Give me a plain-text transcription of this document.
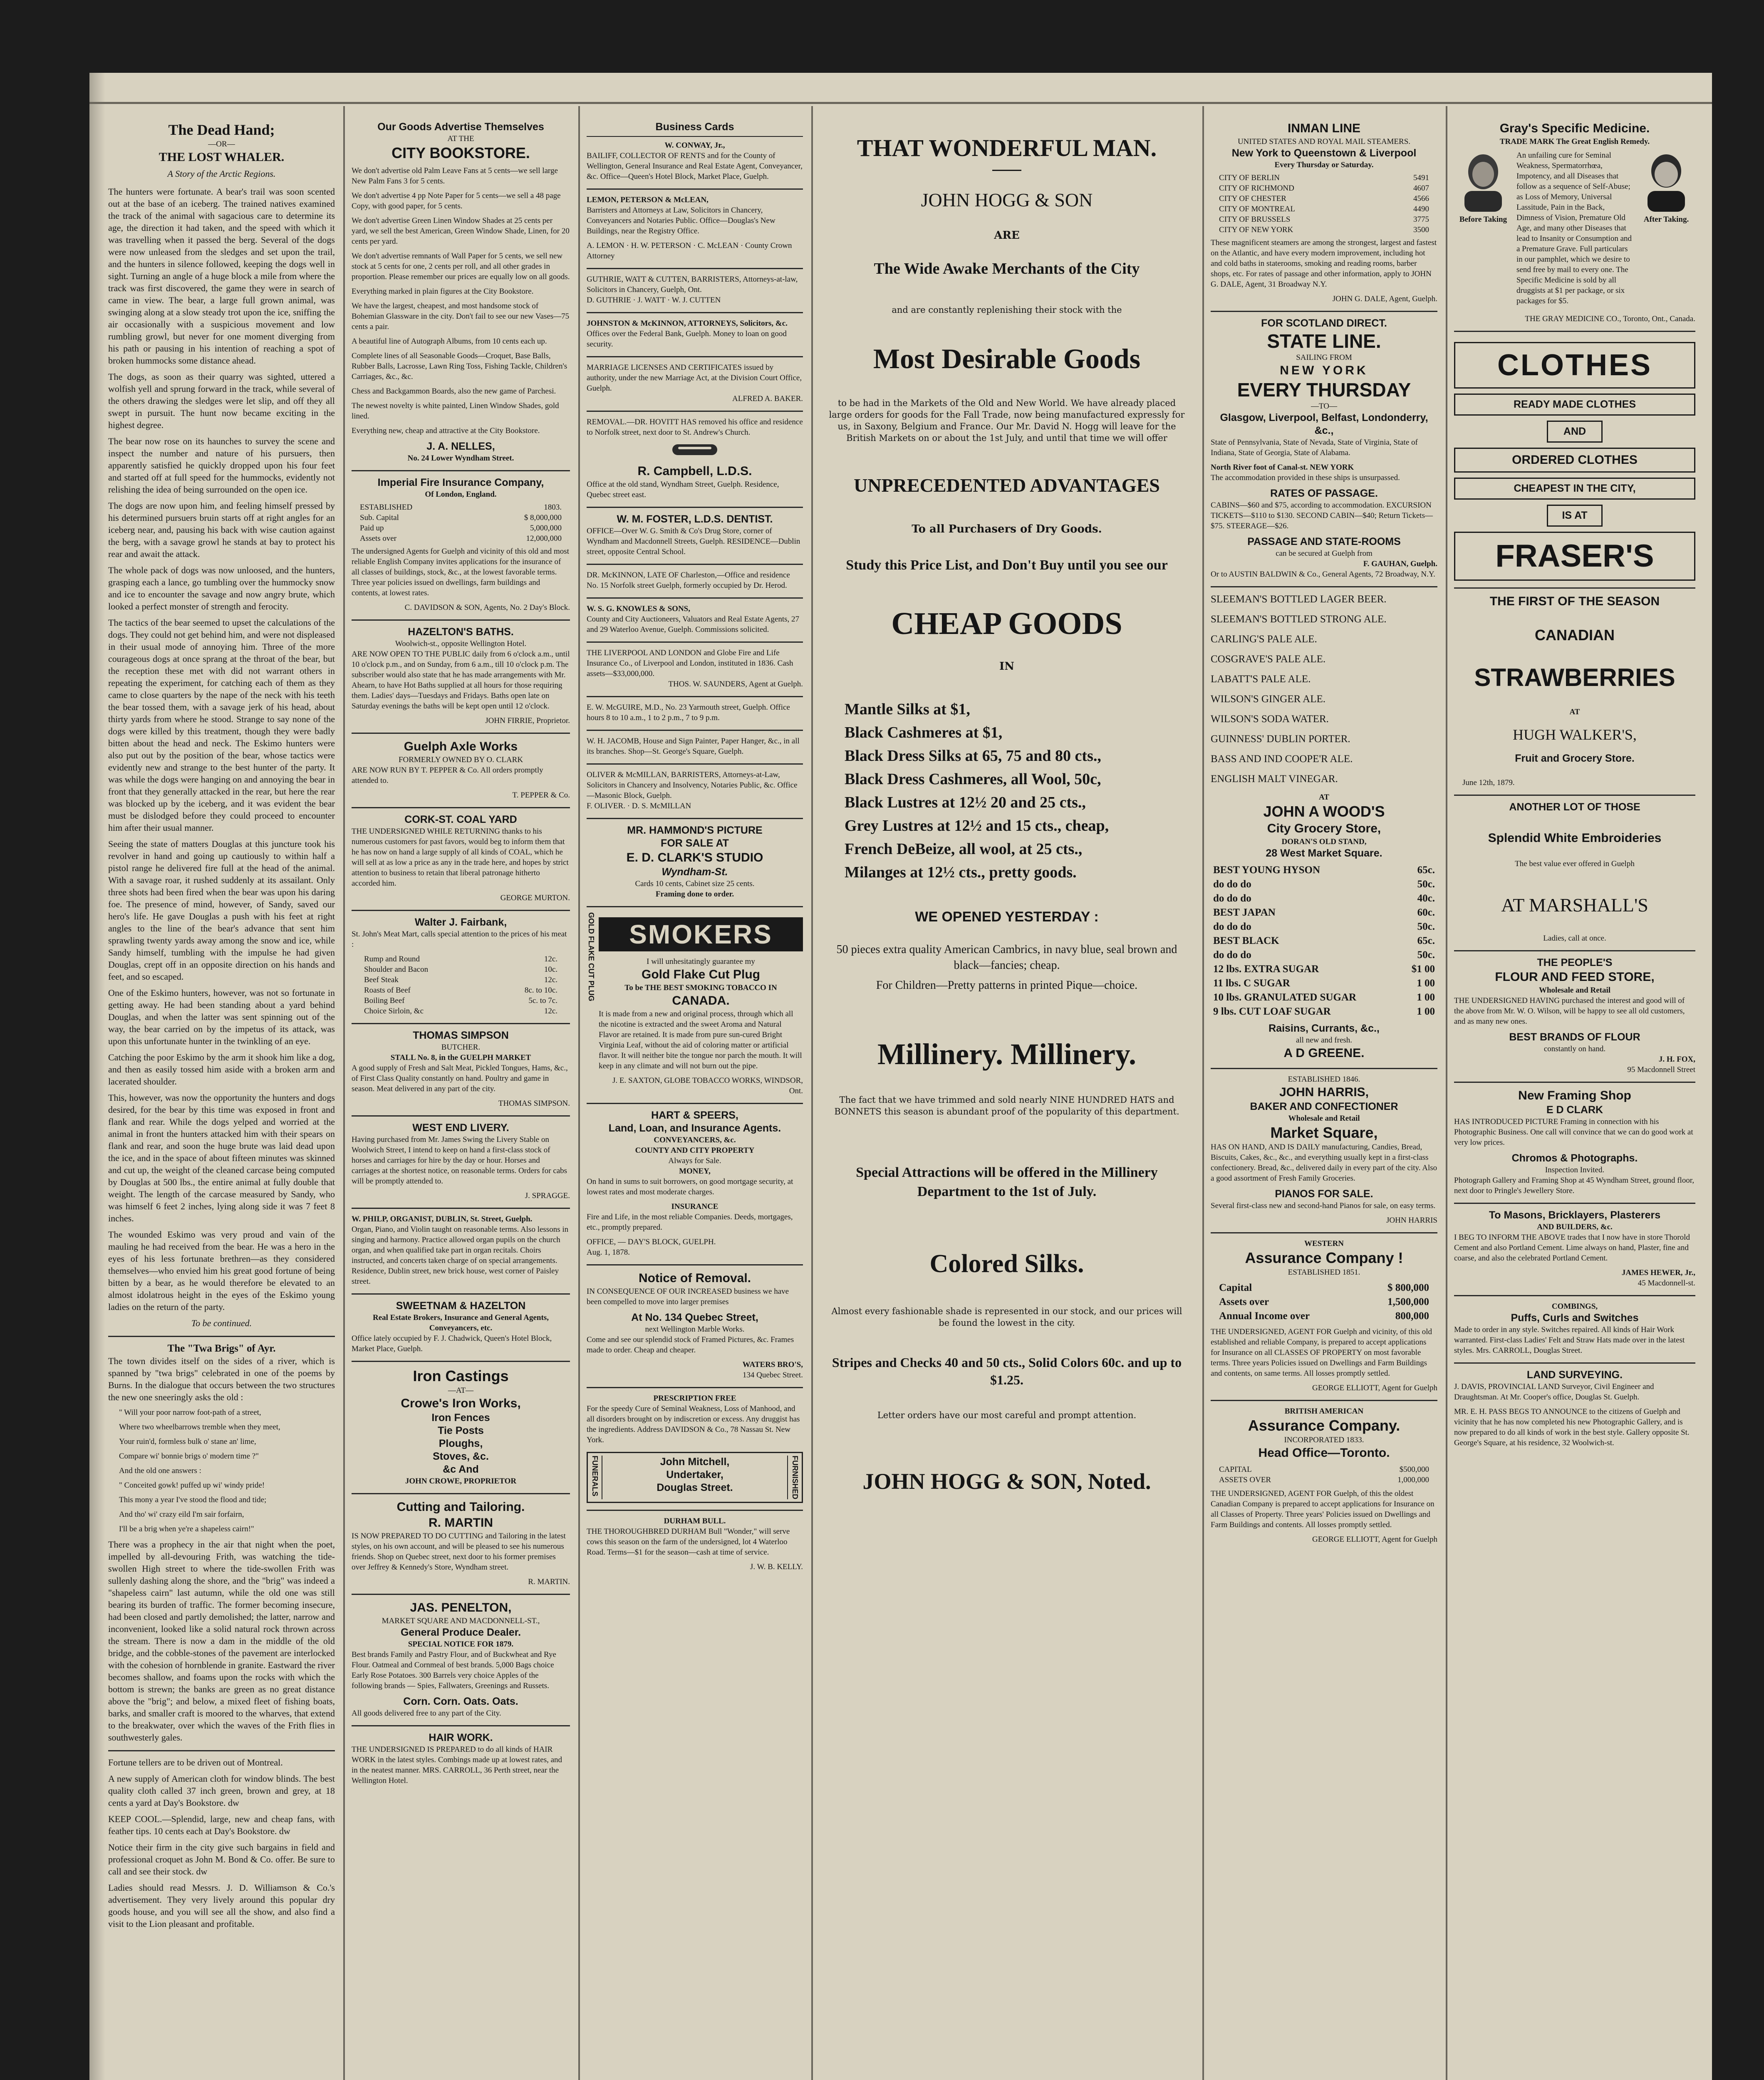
The Dead Hand;
—OR—
THE LOST WHALER.
A Story of the Arctic Regions.

The hunters were fortunate. A bear's trail was soon scented out at the base of an iceberg. The trained natives examined the track of the animal with sagacious care to determine its age, the direction it had taken, and the speed with which it was travelling when it passed the berg. Several of the dogs were now unleased from the sledges and set upon the trail, and the hunters in silence followed, keeping the dogs well in sight. Turning an angle of a huge block a mile from where the track was first discovered, the game they were in search of came in view. The bear, a large full grown animal, was swinging along at a slow steady trot upon the ice, sniffing the air occasionally with a suspicious movement and low rumbling growl, but never for one moment diverging from his path or pausing in his intention of reaching a spot of broken hummocks some distance ahead.

The dogs, as soon as their quarry was sighted, uttered a wolfish yell and sprung forward in the track, while several of the others drawing the sledges were let slip, and off they all swept in pursuit. The hunt now became exciting in the highest degree.

The bear now rose on its haunches to survey the scene and inspect the number and nature of his pursuers, then apparently satisfied he quickly dropped upon his four feet and started off at full speed for the hummocks, evidently not relishing the idea of being surrounded on the open ice.

The dogs are now upon him, and feeling himself pressed by his determined pursuers bruin starts off at right angles for an iceberg near, and, pausing his back with wise caution against the berg, with a savage growl he stands at bay to protect his rear and await the attack.

The whole pack of dogs was now unloosed, and the hunters, grasping each a lance, go tumbling over the hummocky snow and ice to encounter the savage and now angry brute, which looked a perfect monster of strength and ferocity.

The tactics of the bear seemed to upset the calculations of the dogs. They could not get behind him, and were not displeased in their usual mode of annoying him. Three of the more courageous dogs at once sprang at the throat of the bear, but the reception these met with did not warrant others in repeating the experiment, for catching each of them as they came to close quarters by the nape of the neck with his teeth the bear tossed them, with a savage jerk of his head, about thirty yards from where he stood. Strange to say none of the dogs were killed by this treatment, though they were badly bitten about the head and neck. The Eskimo hunters were also put out by the position of the bear, whose tactics were evidently new and strange to the best hunter of the party. It was while the dogs were hanging on and annoying the bear in front that they generally attacked in the rear, but here the rear was blocked up by the iceberg, and it was evident the bear must be dislodged before they could proceed to encounter him after their usual manner.

Seeing the state of matters Douglas at this juncture took his revolver in hand and going up cautiously to within half a pistol range he delivered fire full at the head of the animal. With a savage roar, it rushed suddenly at its assailant. Only three shots had been fired when the bear was upon his daring foe. The presence of mind, however, of Sandy, saved our hero's life. He gave Douglas a push with his feet at right angles to the line of the bear's advance that sent him sprawling twenty yards away among the snow and ice, while Sandy himself, tumbling with the impulse he had given Douglas, crept off in an opposite direction on his hands and feet, and so escaped.

One of the Eskimo hunters, however, was not so fortunate in getting away. He had been standing about a yard behind Douglas, and when the latter was sent spinning out of the way, the bear carried on by the impetus of its attack, was upon this unfortunate hunter in the twinkling of an eye.

Catching the poor Eskimo by the arm it shook him like a dog, and then as easily tossed him aside with a broken arm and lacerated shoulder.

This, however, was now the opportunity the hunters and dogs desired, for the bear by this time was exposed in front and flank and rear. While the dogs yelped and worried at the animal in front the hunters attacked him with their spears on flank and rear, and soon the huge brute was laid dead upon the ice, and in the space of about fifteen minutes was skinned and cut up, the weight of the cleaned carcase being computed by Douglas at 500 lbs., the entire animal at fully double that weight. The length of the carcase measured by Sandy, who was himself 6 feet 2 inches, lying along side it was 7 feet 8 inches.

The wounded Eskimo was very proud and vain of the mauling he had received from the bear. He was a hero in the eyes of his less fortunate brethren—as they considered themselves—who envied him his great good fortune of being bitten by a bear, as he would therefore be elevated to an almost idolatrous height in the eyes of the Eskimo young ladies on the return of the party.

To be continued.
The "Twa Brigs" of Ayr.

The town divides itself on the sides of a river, which is spanned by "twa brigs" celebrated in one of the poems by Burns. In the dialogue that occurs between the two structures the new one sneeringly asks the old :

" Will your poor narrow foot-path of a street,

Where two wheelbarrows tremble when they meet,

Your ruin'd, formless bulk o' stane an' lime,

Compare wi' bonnie brigs o' modern time ?"

And the old one answers :

" Conceited gowk! puffed up wi' windy pride!

This mony a year I've stood the flood and tide;

And tho' wi' crazy eild I'm sair forfairn,

I'll be a brig when ye're a shapeless cairn!"

There was a prophecy in the air that night when the poet, impelled by all-devouring Frith, was watching the tide-swollen High street to where the tide-swollen Frith was sullenly dashing along the shore, and the "brig" was indeed a "shapeless cairn" last autumn, while the old one was still bearing its burden of traffic. The former becoming insecure, had been closed and partly demolished; the latter, narrow and inconvenient, looked like a solid natural rock thrown across the stream. There is now a dam in the middle of the old bridge, and the cobble-stones of the pavement are interlocked with the cohesion of hornblende in granite. Eastward the river becomes shallow, and foams upon the rocks with which the bottom is strewn; the banks are green as no great distance above the "brig"; and below, a mixed fleet of fishing boats, barks, and smaller craft is moored to the wharves, that extend to the breakwater, over which the waves of the Frith flies in southwesterly gales.

Fortune tellers are to be driven out of Montreal.

A new supply of American cloth for window blinds. The best quality cloth called 37 inch green, brown and grey, at 18 cents a yard at Day's Bookstore. dw

KEEP COOL.—Splendid, large, new and cheap fans, with feather tips. 10 cents each at Day's Bookstore. dw

Notice their firm in the city give such bargains in field and professional croquet as John M. Bond & Co. offer. Be sure to call and see their stock. dw

Ladies should read Messrs. J. D. Williamson & Co.'s advertisement. They very lively around this popular dry goods house, and you will see all the show, and also find a visit to the Lion pleasant and profitable.

Our Goods Advertise Themselves
AT THE
CITY BOOKSTORE.

We don't advertise old Palm Leave Fans at 5 cents—we sell large New Palm Fans 3 for 5 cents.

We don't advertise 4 pp Note Paper for 5 cents—we sell a 48 page Copy, with good paper, for 5 cents.

We don't advertise Green Linen Window Shades at 25 cents per yard, we sell the best American, Green Window Shade, Linen, for 20 cents per yard.

We don't advertise remnants of Wall Paper for 5 cents, we sell new stock at 5 cents for one, 2 cents per roll, and all other grades in proportion. Please remember our prices are equally low on all goods.

Everything marked in plain figures at the City Bookstore.

We have the largest, cheapest, and most handsome stock of Bohemian Glassware in the city. Don't fail to see our new Vases—75 cents a pair.

A beautiful line of Autograph Albums, from 10 cents each up.

Complete lines of all Seasonable Goods—Croquet, Base Balls, Rubber Balls, Lacrosse, Lawn Ring Toss, Fishing Tackle, Children's Carriages, &c., &c.

Chess and Backgammon Boards, also the new game of Parchesi.

The newest novelty is white painted, Linen Window Shades, gold lined.

Everything new, cheap and attractive at the City Bookstore.

J. A. NELLES,
No. 24 Lower Wyndham Street.
Imperial Fire Insurance Company,
Of London, England.
ESTABLISHED	1803.
Sub. Capital	$ 8,000,000
Paid up	5,000,000
Assets over	12,000,000

The undersigned Agents for Guelph and vicinity of this old and most reliable English Company invites applications for the insurance of all classes of buildings, stock, &c., at the lowest favorable terms. Three year policies issued on dwellings, farm buildings and contents, at lowest rates.

C. DAVIDSON & SON, Agents, No. 2 Day's Block.
HAZELTON'S BATHS.
Woolwich-st., opposite Wellington Hotel.

ARE NOW OPEN TO THE PUBLIC daily from 6 o'clock a.m., until 10 o'clock p.m., and on Sunday, from 6 a.m., till 10 o'clock p.m. The subscriber would also state that he has made arrangements with Mr. Ahearn, to have Hot Baths supplied at all hours for those requiring them. Ladies' days—Tuesdays and Fridays. Baths open late on Saturday evenings the baths will be kept open until 12 o'clock.

JOHN FIRRIE, Proprietor.
Guelph Axle Works
FORMERLY OWNED BY O. CLARK

ARE NOW RUN BY T. PEPPER & Co. All orders promptly attended to.

T. PEPPER & Co.
CORK-ST. COAL YARD

THE UNDERSIGNED WHILE RETURNING thanks to his numerous customers for past favors, would beg to inform them that he has now on hand a large supply of all kinds of COAL, which he will sell at as low a price as any in the trade here, and hopes by strict attention to business to retain that liberal patronage hitherto accorded him.

GEORGE MURTON.
Walter J. Fairbank,

St. John's Meat Mart, calls special attention to the prices of his meat :

Rump and Round	12c.
Shoulder and Bacon	10c.
Beef Steak	12c.
Roasts of Beef	8c. to 10c.
Boiling Beef	5c. to 7c.
Choice Sirloin, &c	12c.
THOMAS SIMPSON
BUTCHER.
STALL No. 8, in the GUELPH MARKET

A good supply of Fresh and Salt Meat, Pickled Tongues, Hams, &c., of First Class Quality constantly on hand. Poultry and game in season. Meat delivered in any part of the city.

THOMAS SIMPSON.
WEST END LIVERY.

Having purchased from Mr. James Swing the Livery Stable on Woolwich Street, I intend to keep on hand a first-class stock of horses and carriages for hire by the day or hour. Horses and carriages at the shortest notice, on reasonable terms. Orders for cabs will be promptly attended to.

J. SPRAGGE.
W. PHILP, ORGANIST, DUBLIN, St. Street, Guelph.

Organ, Piano, and Violin taught on reasonable terms. Also lessons in singing and harmony. Practice allowed organ pupils on the church organ, and when qualified take part in organ recitals. Choirs instructed, and concerts taken charge of on special arrangements. Residence, Dublin street, new brick house, west corner of Paisley street.

SWEETNAM & HAZELTON
Real Estate Brokers, Insurance and General Agents, Conveyancers, etc.

Office lately occupied by F. J. Chadwick, Queen's Hotel Block, Market Place, Guelph.

Iron Castings
—AT—
Crowe's Iron Works,
Iron Fences
Tie Posts
Ploughs,
Stoves, &c.
&c And
JOHN CROWE, PROPRIETOR
Cutting and Tailoring.
R. MARTIN

IS NOW PREPARED TO DO CUTTING and Tailoring in the latest styles, on his own account, and will be pleased to see his numerous friends. Shop on Quebec street, next door to his former premises over Jeffrey & Kennedy's Store, Wyndham street.

R. MARTIN.
JAS. PENELTON,
MARKET SQUARE AND MACDONNELL-ST.,
General Produce Dealer.
SPECIAL NOTICE FOR 1879.

Best brands Family and Pastry Flour, and of Buckwheat and Rye Flour. Oatmeal and Cornmeal of best brands. 5,000 Bags choice Early Rose Potatoes. 300 Barrels very choice Apples of the following brands — Spies, Fallwaters, Greenings and Russets.

Corn. Corn. Oats. Oats.

All goods delivered free to any part of the City.

HAIR WORK.

THE UNDERSIGNED IS PREPARED to do all kinds of HAIR WORK in the latest styles. Combings made up at lowest rates, and in the neatest manner. MRS. CARROLL, 36 Perth street, near the Wellington Hotel.

Business Cards
W. CONWAY, Jr.,

BAILIFF, COLLECTOR OF RENTS and for the County of Wellington, General Insurance and Real Estate Agent, Conveyancer, &c. Office—Queen's Hotel Block, Market Place, Guelph.

LEMON, PETERSON & McLEAN,

Barristers and Attorneys at Law, Solicitors in Chancery, Conveyancers and Notaries Public. Office—Douglas's New Buildings, near the Registry Office.

A. LEMON · H. W. PETERSON · C. McLEAN · County Crown Attorney

GUTHRIE, WATT & CUTTEN, BARRISTERS, Attorneys-at-law, Solicitors in Chancery, Guelph, Ont.

D. GUTHRIE · J. WATT · W. J. CUTTEN

JOHNSTON & McKINNON, ATTORNEYS, Solicitors, &c.

Offices over the Federal Bank, Guelph. Money to loan on good security.

MARRIAGE LICENSES AND CERTIFICATES issued by authority, under the new Marriage Act, at the Division Court Office, Guelph.
ALFRED A. BAKER.
REMOVAL.—DR. HOVITT HAS removed his office and residence to Norfolk street, next door to St. Andrew's Church.
R. Campbell, L.D.S.

Office at the old stand, Wyndham Street, Guelph. Residence, Quebec street east.

W. M. FOSTER, L.D.S. DENTIST.

OFFICE—Over W. G. Smith & Co's Drug Store, corner of Wyndham and Macdonnell Streets, Guelph. RESIDENCE—Dublin street, opposite Central School.

DR. McKINNON, LATE OF Charleston,—Office and residence No. 15 Norfolk street Guelph, formerly occupied by Dr. Herod.
W. S. G. KNOWLES & SONS,

County and City Auctioneers, Valuators and Real Estate Agents, 27 and 29 Waterloo Avenue, Guelph. Commissions solicited.

THE LIVERPOOL AND LONDON and Globe Fire and Life Insurance Co., of Liverpool and London, instituted in 1836. Cash assets—$33,000,000.
THOS. W. SAUNDERS, Agent at Guelph.
E. W. McGUIRE, M.D., No. 23 Yarmouth street, Guelph. Office hours 8 to 10 a.m., 1 to 2 p.m., 7 to 9 p.m.
W. H. JACOMB, House and Sign Painter, Paper Hanger, &c., in all its branches. Shop—St. George's Square, Guelph.
OLIVER & McMILLAN, BARRISTERS, Attorneys-at-Law, Solicitors in Chancery and Insolvency, Notaries Public, &c. Office—Masonic Block, Guelph.

F. OLIVER. · D. S. McMILLAN

MR. HAMMOND'S PICTURE
FOR SALE AT
E. D. CLARK'S STUDIO
Wyndham-St.
Cards 10 cents, Cabinet size 25 cents.
Framing done to order.
GOLD FLAKE CUT PLUG	SMOKERS
I will unhesitatingly guarantee my
Gold Flake Cut Plug
To be THE BEST SMOKING TOBACCO IN
CANADA.

It is made from a new and original process, through which all the nicotine is extracted and the sweet Aroma and Natural Flavor are retained. It is made from pure sun-cured Bright Virginia Leaf, without the aid of coloring matter or artificial flavor. It will neither bite the tongue nor parch the mouth. It will keep in any climate and will not burn out the pipe.

J. E. SAXTON, GLOBE TOBACCO WORKS, WINDSOR, Ont.
HART & SPEERS,
Land, Loan, and Insurance Agents.
CONVEYANCERS, &c.
COUNTY AND CITY PROPERTY
Always for Sale.
MONEY,

On hand in sums to suit borrowers, on good mortgage security, at lowest rates and most moderate charges.

INSURANCE

Fire and Life, in the most reliable Companies. Deeds, mortgages, etc., promptly prepared.

OFFICE, — DAY'S BLOCK, GUELPH.
Aug. 1, 1878.
Notice of Removal.

IN CONSEQUENCE OF OUR INCREASED business we have been compelled to move into larger premises

At No. 134 Quebec Street,
next Wellington Marble Works.

Come and see our splendid stock of Framed Pictures, &c. Frames made to order. Cheap and cheaper.

WATERS BRO'S,
134 Quebec Street.
PRESCRIPTION FREE

For the speedy Cure of Seminal Weakness, Loss of Manhood, and all disorders brought on by indiscretion or excess. Any druggist has the ingredients. Address DAVIDSON & Co., 78 Nassau St. New York.

FUNERALS	John Mitchell,
Undertaker,
Douglas Street.	FURNISHED
DURHAM BULL.

THE THOROUGHBRED DURHAM Bull "Wonder," will serve cows this season on the farm of the undersigned, lot 4 Waterloo Road. Terms—$1 for the season—cash at time of service.

J. W. B. KELLY.
THAT WONDERFUL MAN.
JOHN HOGG & SON
ARE
The Wide Awake Merchants of the City
and are constantly replenishing their stock with the
Most Desirable Goods

to be had in the Markets of the Old and New World. We have already placed large orders for goods for the Fall Trade, now being manufactured expressly for us, in Saxony, Belgium and France. Our Mr. David N. Hogg will leave for the British Markets on or about the 1st July, and until that time we will offer

UNPRECEDENTED ADVANTAGES
To all Purchasers of Dry Goods.
Study this Price List, and Don't Buy until you see our
CHEAP GOODS
IN
Mantle Silks at $1,
Black Cashmeres at $1,
Black Dress Silks at 65, 75 and 80 cts.,
Black Dress Cashmeres, all Wool, 50c,
Black Lustres at 12½ 20 and 25 cts.,
Grey Lustres at 12½ and 15 cts., cheap,
French DeBeize, all wool, at 25 cts.,
Milanges at 12½ cts., pretty goods.
WE OPENED YESTERDAY :

50 pieces extra quality American Cambrics, in navy blue, seal brown and black—fancies; cheap.

For Children—Pretty patterns in printed Pique—choice.

Millinery. Millinery.

The fact that we have trimmed and sold nearly NINE HUNDRED HATS and BONNETS this season is abundant proof of the popularity of this department.

Special Attractions will be offered in the Millinery Department to the 1st of July.
Colored Silks.

Almost every fashionable shade is represented in our stock, and our prices will be found the lowest in the city.

Stripes and Checks 40 and 50 cts., Solid Colors 60c. and up to $1.25.
Letter orders have our most careful and prompt attention.
JOHN HOGG & SON, Noted.
INMAN LINE
UNITED STATES AND ROYAL MAIL STEAMERS.
New York to Queenstown & Liverpool
Every Thursday or Saturday.
CITY OF BERLIN	5491
CITY OF RICHMOND	4607
CITY OF CHESTER	4566
CITY OF MONTREAL	4490
CITY OF BRUSSELS	3775
CITY OF NEW YORK	3500

These magnificent steamers are among the strongest, largest and fastest on the Atlantic, and have every modern improvement, including hot and cold baths in staterooms, smoking and reading rooms, barber shops, etc. For rates of passage and other information, apply to JOHN G. DALE, Agent, 31 Broadway N.Y.

JOHN G. DALE, Agent, Guelph.
FOR SCOTLAND DIRECT.
STATE LINE.
SAILING FROM
NEW YORK
EVERY THURSDAY
—TO—
Glasgow, Liverpool, Belfast, Londonderry, &c.,

State of Pennsylvania, State of Nevada, State of Virginia, State of Indiana, State of Georgia, State of Alabama.

North River foot of Canal-st. NEW YORK

The accommodation provided in these ships is unsurpassed.

RATES OF PASSAGE.

CABINS—$60 and $75, according to accommodation. EXCURSION TICKETS—$110 to $130. SECOND CABIN—$40; Return Tickets—$75. STEERAGE—$26.

PASSAGE AND STATE-ROOMS
can be secured at Guelph from
F. GAUHAN, Guelph.

Or to AUSTIN BALDWIN & Co., General Agents, 72 Broadway, N.Y.

SLEEMAN'S BOTTLED LAGER BEER.
SLEEMAN'S BOTTLED STRONG ALE.
CARLING'S PALE ALE.
COSGRAVE'S PALE ALE.
LABATT'S PALE ALE.
WILSON'S GINGER ALE.
WILSON'S SODA WATER.
GUINNESS' DUBLIN PORTER.
BASS AND IND COOPE'R ALE.
ENGLISH MALT VINEGAR.
AT
JOHN A WOOD'S
City Grocery Store,
DORAN'S OLD STAND,
28 West Market Square.
BEST YOUNG HYSON	65c.
do do do	50c.
do do do	40c.
BEST JAPAN	60c.
do do do	50c.
BEST BLACK	65c.
do do do	50c.
12 lbs. EXTRA SUGAR	$1 00
11 lbs. C SUGAR	1 00
10 lbs. GRANULATED SUGAR	1 00
9 lbs. CUT LOAF SUGAR	1 00
Raisins, Currants, &c.,
all new and fresh.
A D GREENE.
ESTABLISHED 1846.
JOHN HARRIS,
BAKER AND CONFECTIONER
Wholesale and Retail
Market Square,

HAS ON HAND, AND IS DAILY manufacturing, Candies, Bread, Biscuits, Cakes, &c., &c., and everything usually kept in a first-class confectionery. Bread, &c., delivered daily in every part of the city. Also a good assortment of Fresh Family Groceries.

PIANOS FOR SALE.

Several first-class new and second-hand Pianos for sale, on easy terms.

JOHN HARRIS
WESTERN
Assurance Company !
ESTABLISHED 1851.
Capital	$ 800,000
Assets over	1,500,000
Annual Income over	800,000

THE UNDERSIGNED, AGENT FOR Guelph and vicinity, of this old established and reliable Company, is prepared to accept applications for Insurance on all CLASSES OF PROPERTY on most favorable terms. Three years Policies issued on Dwellings and Farm Buildings and contents, on same terms. All losses promptly settled.

GEORGE ELLIOTT, Agent for Guelph
BRITISH AMERICAN
Assurance Company.
INCORPORATED 1833.
Head Office—Toronto.
CAPITAL	$500,000
ASSETS OVER	1,000,000

THE UNDERSIGNED, AGENT FOR Guelph, of this the oldest Canadian Company is prepared to accept applications for Insurance on all Classes of Property. Three years' Policies issued on Dwellings and Farm Buildings and contents. All losses promptly settled.

GEORGE ELLIOTT, Agent for Guelph
Gray's Specific Medicine.
TRADE MARK The Great English Remedy.
Before Taking

An unfailing cure for Seminal Weakness, Spermatorrhœa, Impotency, and all Diseases that follow as a sequence of Self-Abuse; as Loss of Memory, Universal Lassitude, Pain in the Back, Dimness of Vision, Premature Old Age, and many other Diseases that lead to Insanity or Consumption and a Premature Grave. Full particulars in our pamphlet, which we desire to send free by mail to every one. The Specific Medicine is sold by all druggists at $1 per package, or six packages for $5.

After Taking.
THE GRAY MEDICINE CO., Toronto, Ont., Canada.
CLOTHES
READY MADE CLOTHES
AND
ORDERED CLOTHES
CHEAPEST IN THE CITY,
IS AT
FRASER'S
THE FIRST OF THE SEASON
CANADIAN
STRAWBERRIES
AT
HUGH WALKER'S,
Fruit and Grocery Store.
June 12th, 1879.
ANOTHER LOT OF THOSE
Splendid White Embroideries
The best value ever offered in Guelph
AT MARSHALL'S
Ladies, call at once.
THE PEOPLE'S
FLOUR AND FEED STORE,
Wholesale and Retail

THE UNDERSIGNED HAVING purchased the interest and good will of the above from Mr. W. O. Wilson, will be happy to see all old customers, and as many new ones.

BEST BRANDS OF FLOUR
constantly on hand.
J. H. FOX,
95 Macdonnell Street
New Framing Shop
E D CLARK

HAS INTRODUCED PICTURE Framing in connection with his Photographic Business. One call will convince that we can do good work at very low prices.

Chromos & Photographs.
Inspection Invited.

Photograph Gallery and Framing Shop at 45 Wyndham Street, ground floor, next door to Pringle's Jewellery Store.

To Masons, Bricklayers, Plasterers
AND BUILDERS, &c.

I BEG TO INFORM THE ABOVE trades that I now have in store Thorold Cement and also Portland Cement. Lime always on hand, Plaster, fine and coarse, and also the celebrated Portland Cement.

JAMES HEWER, Jr.,
45 Macdonnell-st.
COMBINGS,
Puffs, Curls and Switches

Made to order in any style. Switches repaired. All kinds of Hair Work warranted. First-class Ladies' Felt and Straw Hats made over in the latest styles. Mrs. CARROLL, Douglas Street.

LAND SURVEYING.

J. DAVIS, PROVINCIAL LAND Surveyor, Civil Engineer and Draughtsman. At Mr. Cooper's office, Douglas St. Guelph.

MR. E. H. PASS BEGS TO ANNOUNCE to the citizens of Guelph and vicinity that he has now completed his new Photographic Gallery, and is now prepared to do all kinds of work in the best style. Gallery opposite St. George's Square, at his residence, 32 Woolwich-st.
